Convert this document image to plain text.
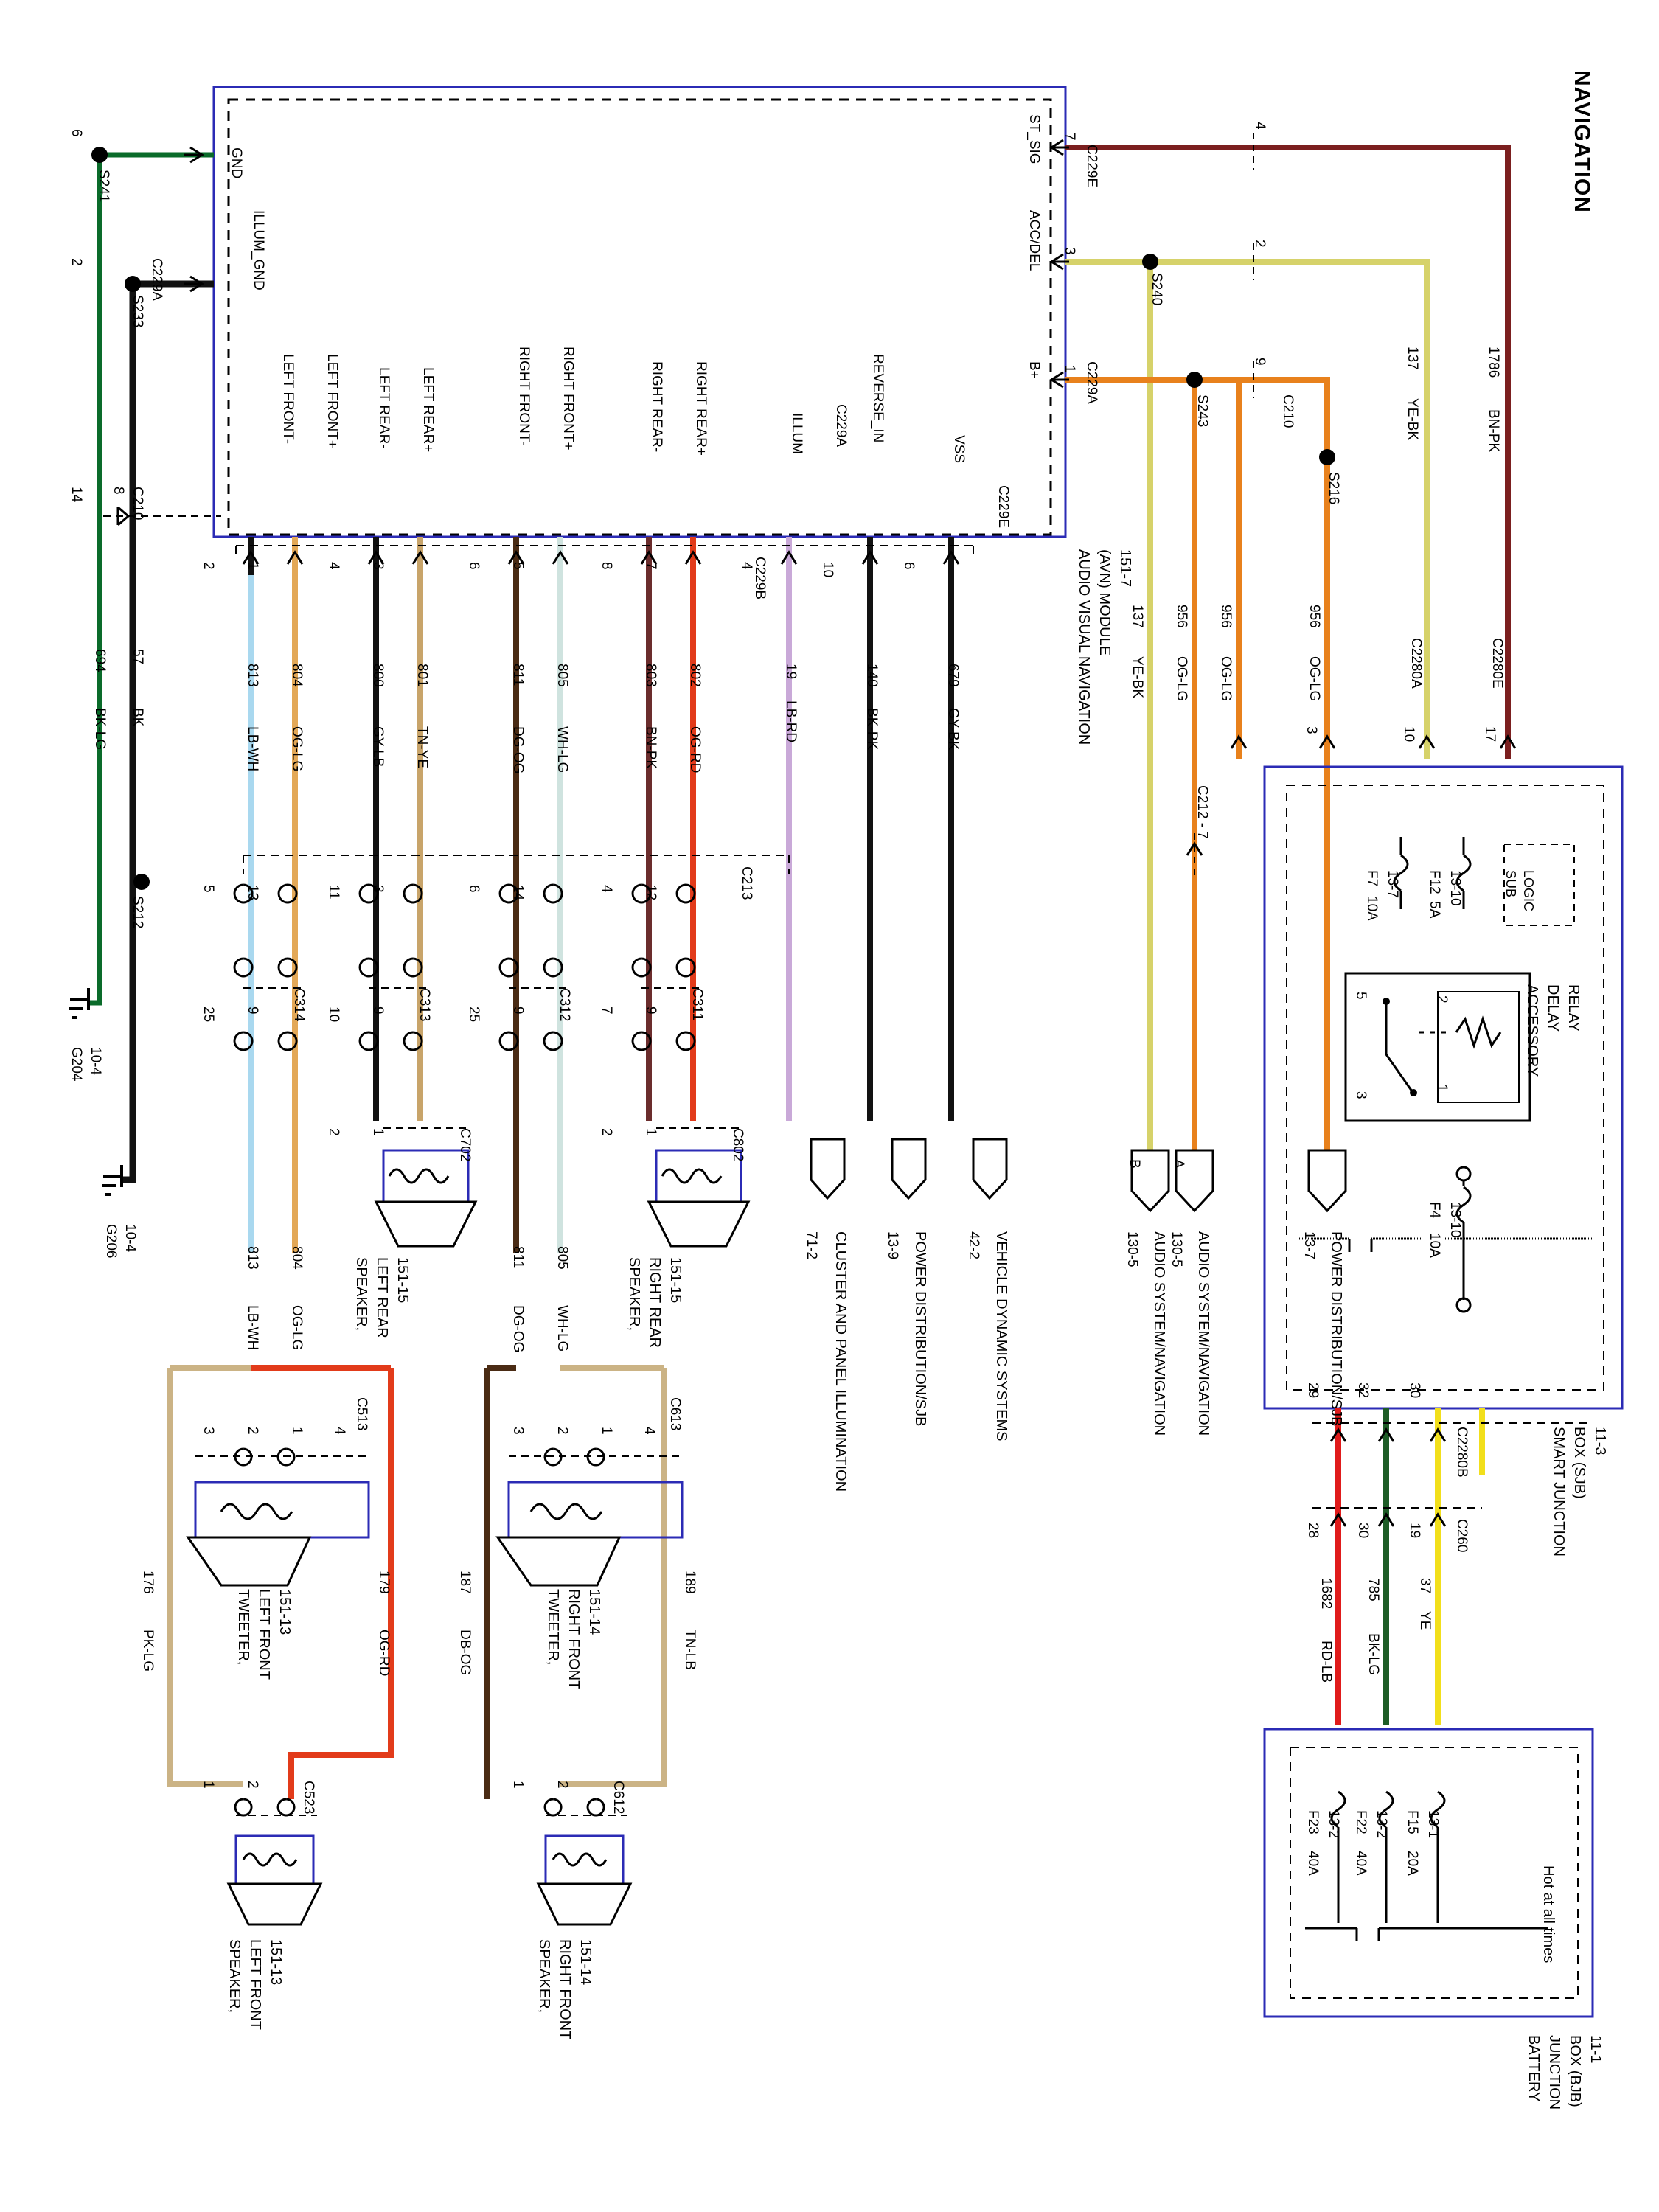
NAVIGATION
GND
ILLUM_GND
LEFT FRONT- LEFT FRONT+	LEFT REAR- LEFT REAR+	RIGHT FRONT- RIGHT FRONT+	RIGHT REAR- RIGHT REAR+	ILLUM	REVERSE_IN
VSS
ST_SIG
ACC/DEL
B+
AUDIO VISUAL NAVIGATION (AVN) MODULE 151-7
6
2
S241
S233
S212
14 8 C210
C229A
694
BK-LG
57
BK
G204 10-4
G206 10-4
2 1	4 3	6 5	8 7	4	10	6
C229B
C229A
C229E
C229E
C229A
813
LB-WH
804
OG-LG
800
GY-LB
801
TN-YE
811
DG-OG
805
WH-LG
803
BN-PK
802
OG-RD
19
LB-RD
140
BK-PK
679
GY-BK
5 13	11 3	6 14	4 12	C213
25 9	10 9	25 9	7 9
C314	C313	C312	C311
813
LB-WH
804
OG-LG
811
DG-OG
805
WH-LG
2 1	C702	2 1	C802
SPEAKER, LEFT REAR 151-15	SPEAKER, RIGHT REAR 151-15
71-2 CLUSTER AND PANEL ILLUMINATION	13-9 POWER DISTRIBUTION/SJB	42-2 VEHICLE DYNAMIC SYSTEMS
176
PK-LG
179
OG-RD
187
DB-OG
189
TN-LB
3 2 1 4 C513	3 2 1 4 C613
TWEETER, LEFT FRONT 151-13	TWEETER, RIGHT FRONT 151-14
1 2	C523	1 2	C612
SPEAKER, LEFT FRONT 151-13	SPEAKER, RIGHT FRONT 151-14
7
3
1
4
2
9
S240
S243
S216
C210
137
YE-BK
1786
BN-PK
137
YE-BK
956
OG-LG
956
OG-LG
956
OG-LG	C2280A	C2280E
C212 - 7
3	10	17
F7
10A
13-7 F12
5A
13-10	SUB LOGIC
ACCESSORY DELAY RELAY
5	2
3
1
F4
10A
13-10
SMART JUNCTION BOX (SJB) 11-3
29 32	30
28 30	19
C2280B
C260
1682
RD-LB
785
BK-LG
37
YE
F23
40A
13-2 F22
40A
13-2 F15
20A
13-1
Hot at all times
BATTERY JUNCTION BOX (BJB) 11-1
B A
130-5 AUDIO SYSTEM/NAVIGATION 130-5 AUDIO SYSTEM/NAVIGATION	13-7 POWER DISTRIBUTION/SJB
